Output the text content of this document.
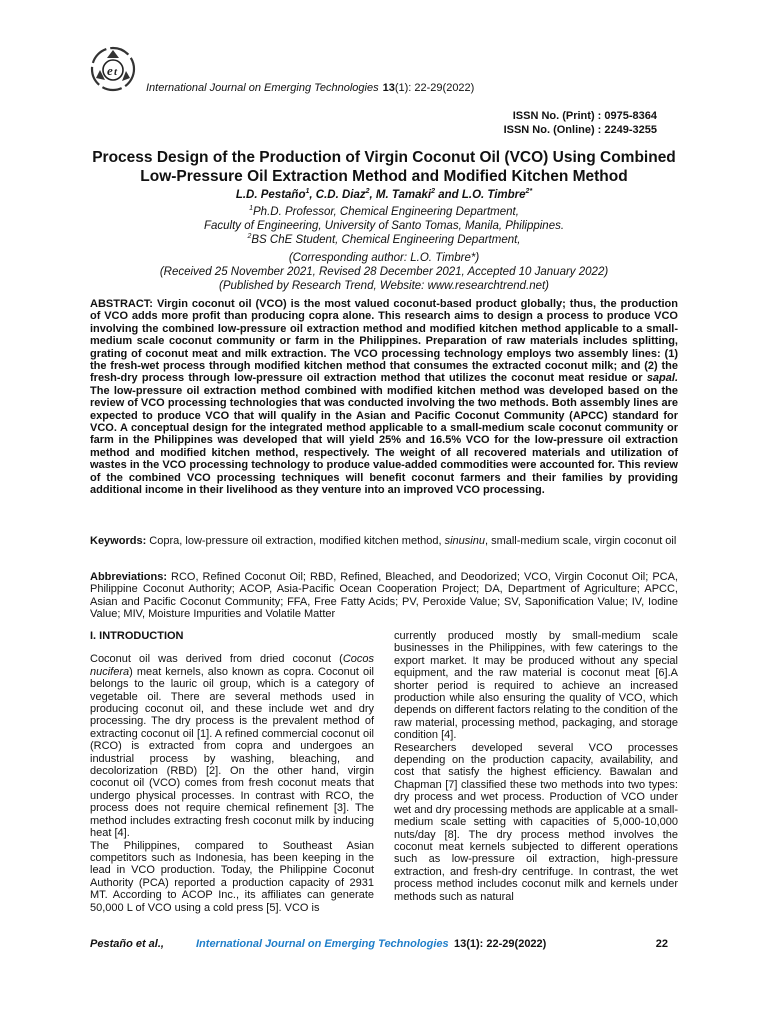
e t
International Journal on Emerging Technologies 13(1): 22-29(2022)
ISSN No. (Print) : 0975-8364
ISSN No. (Online) : 2249-3255
Process Design of the Production of Virgin Coconut Oil (VCO) Using Combined Low-Pressure Oil Extraction Method and Modified Kitchen Method
L.D. Pestaño$^1$, C.D. Diaz$^2$, M. Tamaki$^2$ and L.O. Timbre$^{2*}$
$^1$Ph.D. Professor, Chemical Engineering Department,
Faculty of Engineering, University of Santo Tomas, Manila, Philippines.
$^2$BS ChE Student, Chemical Engineering Department,
(Corresponding author: L.O. Timbre*)
(Received 25 November 2021, Revised 28 December 2021, Accepted 10 January 2022)
(Published by Research Trend, Website: www.researchtrend.net)
ABSTRACT: Virgin coconut oil (VCO) is the most valued coconut-based product globally; thus, the production of VCO adds more profit than producing copra alone. This research aims to design a process to produce VCO involving the combined low-pressure oil extraction method and modified kitchen method applicable to a small-medium scale coconut community or farm in the Philippines. Preparation of raw materials includes splitting, grating of coconut meat and milk extraction. The VCO processing technology employs two assembly lines: (1) the fresh-wet process through modified kitchen method that consumes the extracted coconut milk; and (2) the fresh-dry process through low-pressure oil extraction method that utilizes the coconut meat residue or sapal. The low-pressure oil extraction method combined with modified kitchen method was developed based on the review of VCO processing technologies that was conducted involving the two methods. Both assembly lines are expected to produce VCO that will qualify in the Asian and Pacific Coconut Community (APCC) standard for VCO. A conceptual design for the integrated method applicable to a small-medium scale coconut community or farm in the Philippines was developed that will yield 25% and 16.5% VCO for the low-pressure oil extraction method and modified kitchen method, respectively. The weight of all recovered materials and utilization of wastes in the VCO processing technology to produce value-added commodities were accounted for. This review of the combined VCO processing techniques will benefit coconut farmers and their families by providing additional income in their livelihood as they venture into an improved VCO processing.
Keywords: Copra, low-pressure oil extraction, modified kitchen method, sinusinu, small-medium scale, virgin coconut oil
Abbreviations: RCO, Refined Coconut Oil; RBD, Refined, Bleached, and Deodorized; VCO, Virgin Coconut Oil; PCA, Philippine Coconut Authority; ACOP, Asia-Pacific Ocean Cooperation Project; DA, Department of Agriculture; APCC, Asian and Pacific Coconut Community; FFA, Free Fatty Acids; PV, Peroxide Value; SV, Saponification Value; IV, Iodine Value; MIV, Moisture Impurities and Volatile Matter
I. INTRODUCTION

Coconut oil was derived from dried coconut (Cocos nucifera) meat kernels, also known as copra. Coconut oil belongs to the lauric oil group, which is a category of vegetable oil. There are several methods used in producing coconut oil, and these include wet and dry processing. The dry process is the prevalent method of extracting coconut oil [1]. A refined commercial coconut oil (RCO) is extracted from copra and undergoes an industrial process by washing, bleaching, and decolorization (RBD) [2]. On the other hand, virgin coconut oil (VCO) comes from fresh coconut meats that undergo physical processes. In contrast with RCO, the process does not require chemical refinement [3]. The method includes extracting fresh coconut milk by inducing heat [4].

The Philippines, compared to Southeast Asian competitors such as Indonesia, has been keeping in the lead in VCO production. Today, the Philippine Coconut Authority (PCA) reported a production capacity of 2931 MT. According to ACOP Inc., its affiliates can generate 50,000 L of VCO using a cold press [5]. VCO is

currently produced mostly by small-medium scale businesses in the Philippines, with few caterings to the export market. It may be produced without any special equipment, and the raw material is coconut meat [6].A shorter period is required to achieve an increased production while also ensuring the quality of VCO, which depends on different factors relating to the condition of the raw material, processing method, packaging, and storage condition [4].

Researchers developed several VCO processes depending on the production capacity, availability, and cost that satisfy the highest efficiency. Bawalan and Chapman [7] classified these two methods into two types: dry process and wet process. Production of VCO under wet and dry processing methods are applicable at a small-medium scale setting with capacities of 5,000-10,000 nuts/day [8]. The dry process method involves the coconut meat kernels subjected to different operations such as low-pressure oil extraction, high-pressure extraction, and fresh-dry centrifuge. In contrast, the wet process method includes coconut milk and kernels under methods such as natural

Pestaño et al.,	International Journal on Emerging Technologies 13(1): 22-29(2022)	22
